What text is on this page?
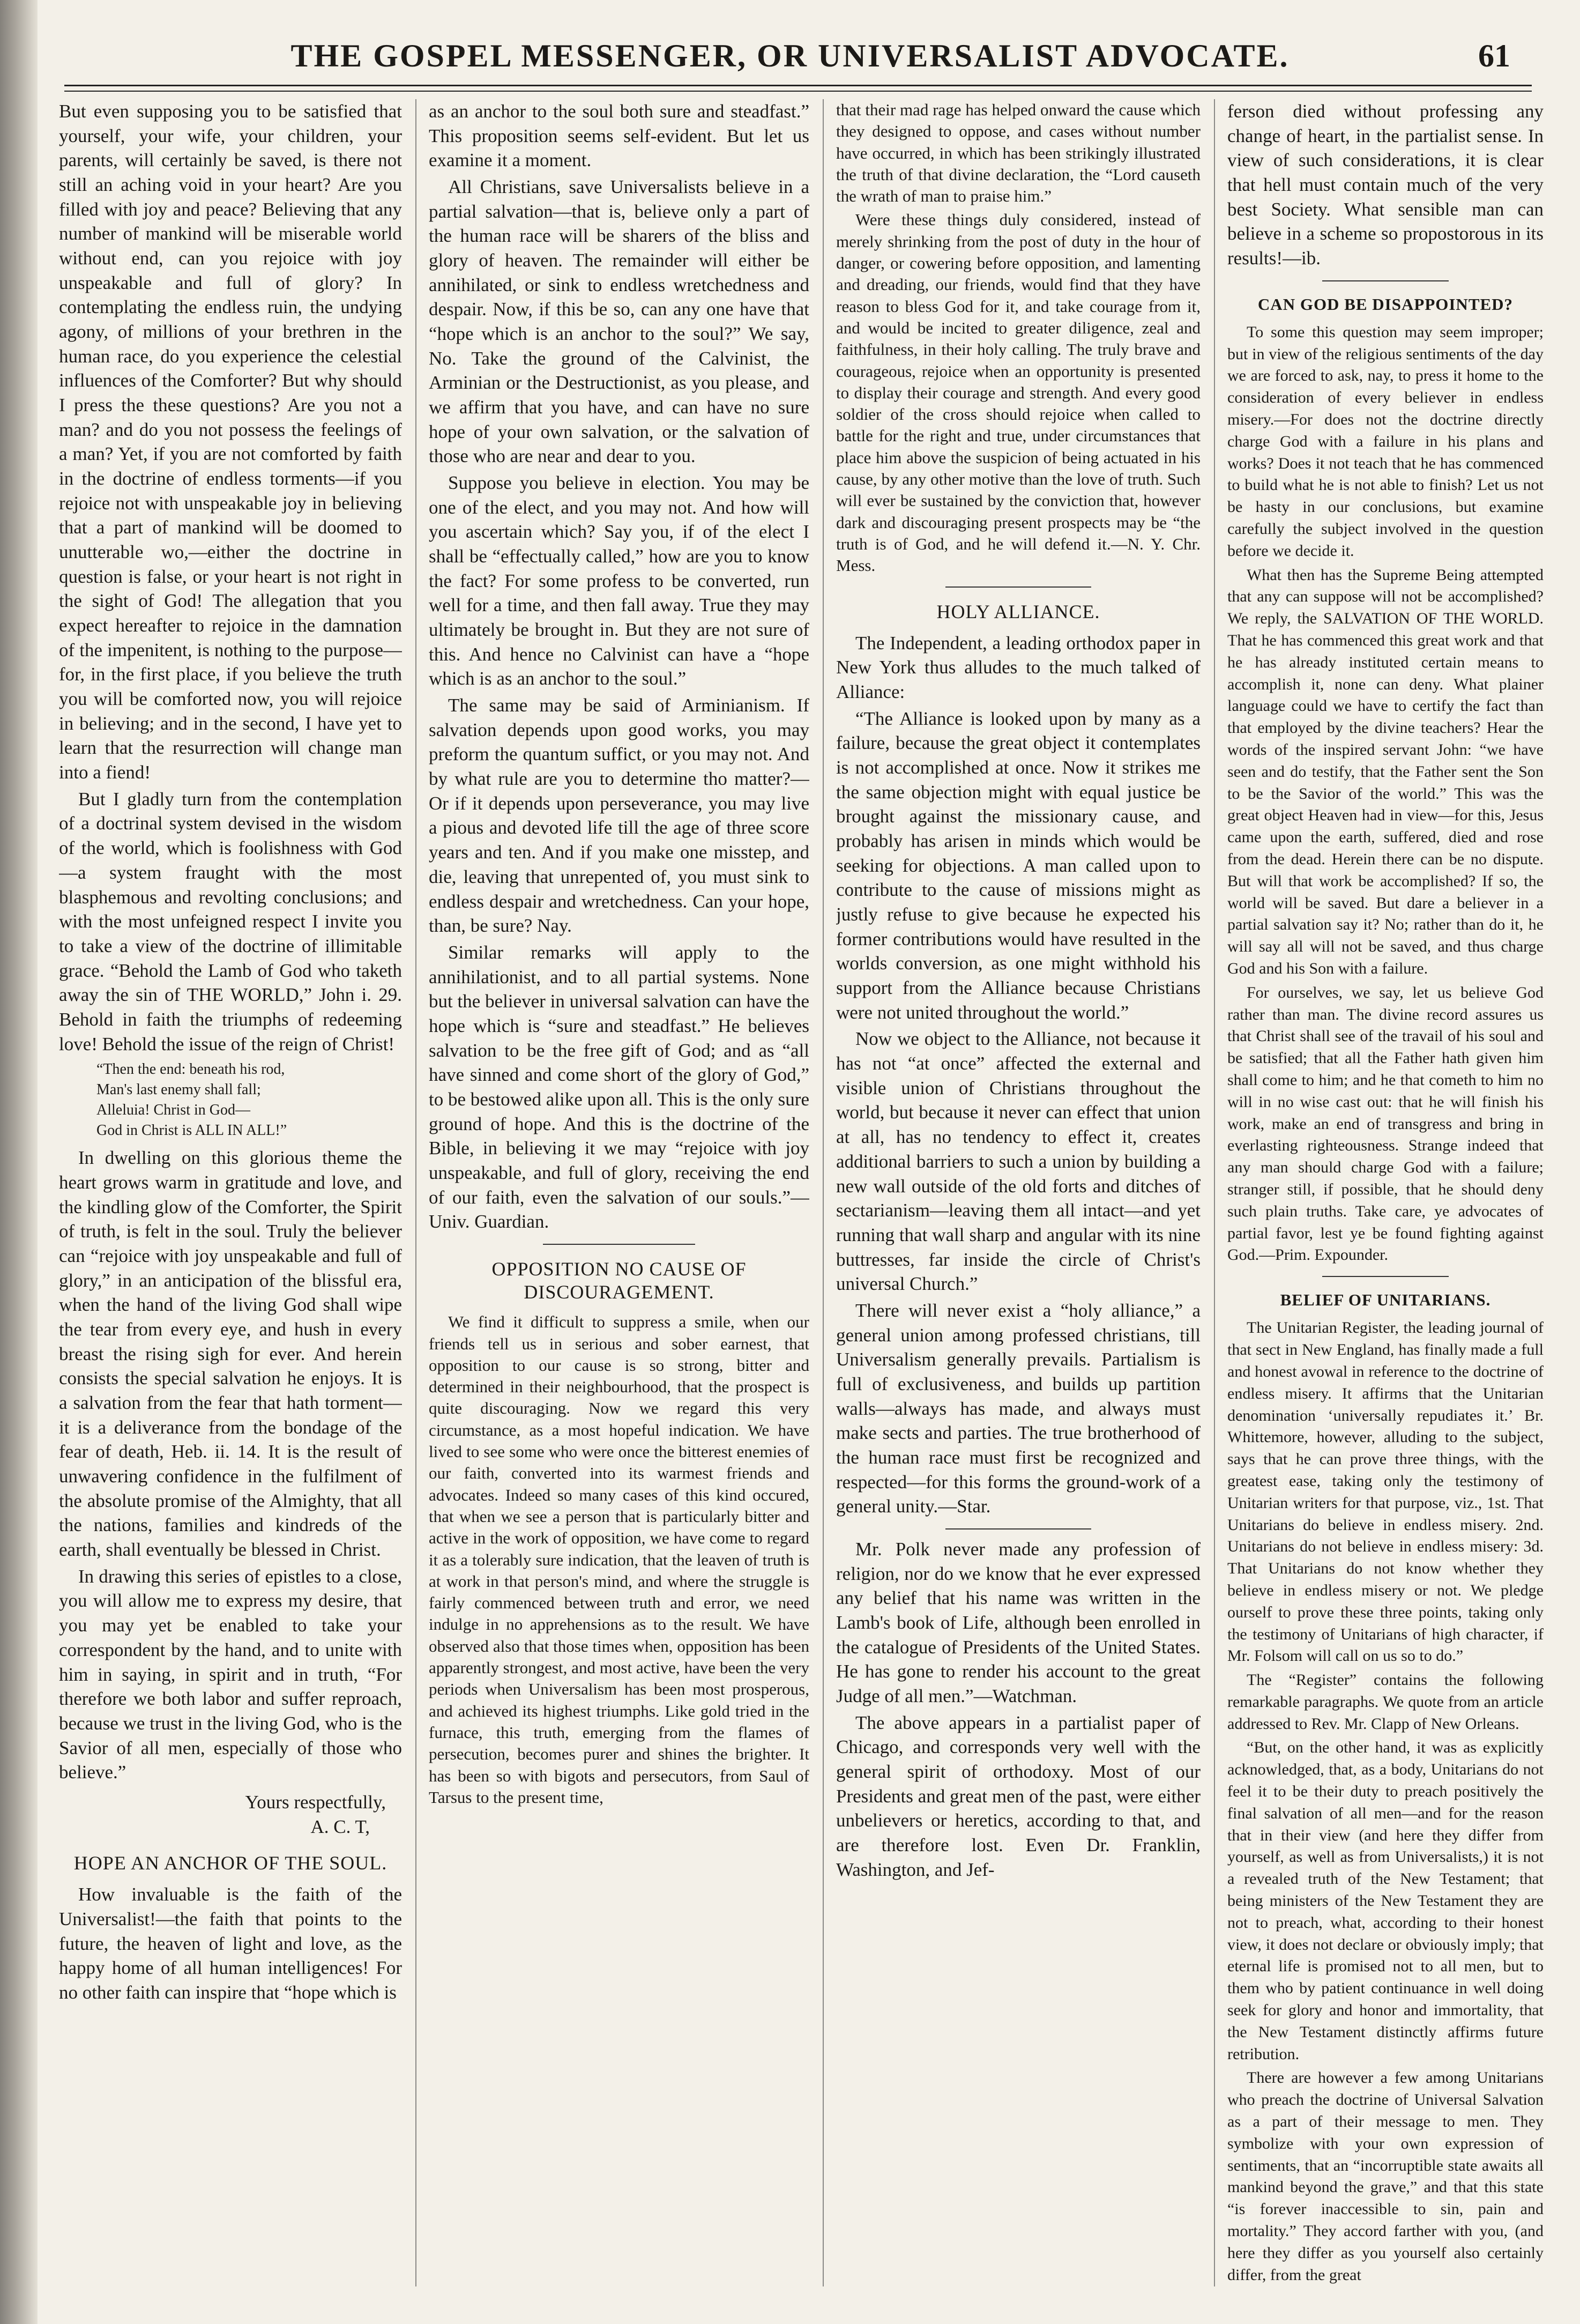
THE GOSPEL MESSENGER, OR UNIVERSALIST ADVOCATE.	61

But even supposing you to be satisfied that yourself, your wife, your children, your parents, will certainly be saved, is there not still an aching void in your heart? Are you filled with joy and peace? Believing that any number of mankind will be miserable world without end, can you rejoice with joy unspeakable and full of glory? In contemplating the endless ruin, the undying agony, of millions of your brethren in the human race, do you experience the celestial influences of the Comforter? But why should I press the these questions? Are you not a man? and do you not possess the feelings of a man? Yet, if you are not comforted by faith in the doctrine of endless torments—if you rejoice not with unspeakable joy in believing that a part of mankind will be doomed to unutterable wo,—either the doctrine in question is false, or your heart is not right in the sight of God! The allegation that you expect hereafter to rejoice in the damnation of the impenitent, is nothing to the purpose—for, in the first place, if you believe the truth you will be comforted now, you will rejoice in believing; and in the second, I have yet to learn that the resurrection will change man into a fiend!

But I gladly turn from the contemplation of a doctrinal system devised in the wisdom of the world, which is foolishness with God—a system fraught with the most blasphemous and revolting conclusions; and with the most unfeigned respect I invite you to take a view of the doctrine of illimitable grace. “Behold the Lamb of God who taketh away the sin of THE WORLD,” John i. 29. Behold in faith the triumphs of redeeming love! Behold the issue of the reign of Christ!

“Then the end: beneath his rod,
Man's last enemy shall fall;
Alleluia! Christ in God—
God in Christ is ALL IN ALL!”

In dwelling on this glorious theme the heart grows warm in gratitude and love, and the kindling glow of the Comforter, the Spirit of truth, is felt in the soul. Truly the believer can “rejoice with joy unspeakable and full of glory,” in an anticipation of the blissful era, when the hand of the living God shall wipe the tear from every eye, and hush in every breast the rising sigh for ever. And herein consists the special salvation he enjoys. It is a salvation from the fear that hath torment—it is a deliverance from the bondage of the fear of death, Heb. ii. 14. It is the result of unwavering confidence in the fulfilment of the absolute promise of the Almighty, that all the nations, families and kindreds of the earth, shall eventually be blessed in Christ.

In drawing this series of epistles to a close, you will allow me to express my desire, that you may yet be enabled to take your correspondent by the hand, and to unite with him in saying, in spirit and in truth, “For therefore we both labor and suffer reproach, because we trust in the living God, who is the Savior of all men, especially of those who believe.”

Yours respectfully,
A. C. T,
HOPE AN ANCHOR OF THE SOUL.

How invaluable is the faith of the Universalist!—the faith that points to the future, the heaven of light and love, as the happy home of all human intelligences! For no other faith can inspire that “hope which is

as an anchor to the soul both sure and steadfast.” This proposition seems self-evident. But let us examine it a moment.

All Christians, save Universalists believe in a partial salvation—that is, believe only a part of the human race will be sharers of the bliss and glory of heaven. The remainder will either be annihilated, or sink to endless wretchedness and despair. Now, if this be so, can any one have that “hope which is an anchor to the soul?” We say, No. Take the ground of the Calvinist, the Arminian or the Destructionist, as you please, and we affirm that you have, and can have no sure hope of your own salvation, or the salvation of those who are near and dear to you.

Suppose you believe in election. You may be one of the elect, and you may not. And how will you ascertain which? Say you, if of the elect I shall be “effectually called,” how are you to know the fact? For some profess to be converted, run well for a time, and then fall away. True they may ultimately be brought in. But they are not sure of this. And hence no Calvinist can have a “hope which is as an anchor to the soul.”

The same may be said of Arminianism. If salvation depends upon good works, you may preform the quantum suffict, or you may not. And by what rule are you to determine tho matter?—Or if it depends upon perseverance, you may live a pious and devoted life till the age of three score years and ten. And if you make one misstep, and die, leaving that unrepented of, you must sink to endless despair and wretchedness. Can your hope, than, be sure? Nay.

Similar remarks will apply to the annihilationist, and to all partial systems. None but the believer in universal salvation can have the hope which is “sure and steadfast.” He believes salvation to be the free gift of God; and as “all have sinned and come short of the glory of God,” to be bestowed alike upon all. This is the only sure ground of hope. And this is the doctrine of the Bible, in believing it we may “rejoice with joy unspeakable, and full of glory, receiving the end of our faith, even the salvation of our souls.”—Univ. Guardian.

OPPOSITION NO CAUSE OF DISCOURAGEMENT.

We find it difficult to suppress a smile, when our friends tell us in serious and sober earnest, that opposition to our cause is so strong, bitter and determined in their neighbourhood, that the prospect is quite discouraging. Now we regard this very circumstance, as a most hopeful indication. We have lived to see some who were once the bitterest enemies of our faith, converted into its warmest friends and advocates. Indeed so many cases of this kind occured, that when we see a person that is particularly bitter and active in the work of opposition, we have come to regard it as a tolerably sure indication, that the leaven of truth is at work in that person's mind, and where the struggle is fairly commenced between truth and error, we need indulge in no apprehensions as to the result. We have observed also that those times when, opposition has been apparently strongest, and most active, have been the very periods when Universalism has been most prosperous, and achieved its highest triumphs. Like gold tried in the furnace, this truth, emerging from the flames of persecution, becomes purer and shines the brighter. It has been so with bigots and persecutors, from Saul of Tarsus to the present time,

that their mad rage has helped onward the cause which they designed to oppose, and cases without number have occurred, in which has been strikingly illustrated the truth of that divine declaration, the “Lord causeth the wrath of man to praise him.”

Were these things duly considered, instead of merely shrinking from the post of duty in the hour of danger, or cowering before opposition, and lamenting and dreading, our friends, would find that they have reason to bless God for it, and take courage from it, and would be incited to greater diligence, zeal and faithfulness, in their holy calling. The truly brave and courageous, rejoice when an opportunity is presented to display their courage and strength. And every good soldier of the cross should rejoice when called to battle for the right and true, under circumstances that place him above the suspicion of being actuated in his cause, by any other motive than the love of truth. Such will ever be sustained by the conviction that, however dark and discouraging present prospects may be “the truth is of God, and he will defend it.—N. Y. Chr. Mess.

HOLY ALLIANCE.

The Independent, a leading orthodox paper in New York thus alludes to the much talked of Alliance:

“The Alliance is looked upon by many as a failure, because the great object it contemplates is not accomplished at once. Now it strikes me the same objection might with equal justice be brought against the missionary cause, and probably has arisen in minds which would be seeking for objections. A man called upon to contribute to the cause of missions might as justly refuse to give because he expected his former contributions would have resulted in the worlds conversion, as one might withhold his support from the Alliance because Christians were not united throughout the world.”

Now we object to the Alliance, not because it has not “at once” affected the external and visible union of Christians throughout the world, but because it never can effect that union at all, has no tendency to effect it, creates additional barriers to such a union by building a new wall outside of the old forts and ditches of sectarianism—leaving them all intact—and yet running that wall sharp and angular with its nine buttresses, far inside the circle of Christ's universal Church.”

There will never exist a “holy alliance,” a general union among professed christians, till Universalism generally prevails. Partialism is full of exclusiveness, and builds up partition walls—always has made, and always must make sects and parties. The true brotherhood of the human race must first be recognized and respected—for this forms the ground-work of a general unity.—Star.

Mr. Polk never made any profession of religion, nor do we know that he ever expressed any belief that his name was written in the Lamb's book of Life, although been enrolled in the catalogue of Presidents of the United States. He has gone to render his account to the great Judge of all men.”—Watchman.

The above appears in a partialist paper of Chicago, and corresponds very well with the general spirit of orthodoxy. Most of our Presidents and great men of the past, were either unbelievers or heretics, according to that, and are therefore lost. Even Dr. Franklin, Washington, and Jef-

ferson died without professing any change of heart, in the partialist sense. In view of such considerations, it is clear that hell must contain much of the very best Society. What sensible man can believe in a scheme so propostorous in its results!—ib.

CAN GOD BE DISAPPOINTED?

To some this question may seem improper; but in view of the religious sentiments of the day we are forced to ask, nay, to press it home to the consideration of every believer in endless misery.—For does not the doctrine directly charge God with a failure in his plans and works? Does it not teach that he has commenced to build what he is not able to finish? Let us not be hasty in our conclusions, but examine carefully the subject involved in the question before we decide it.

What then has the Supreme Being attempted that any can suppose will not be accomplished? We reply, the SALVATION OF THE WORLD. That he has commenced this great work and that he has already instituted certain means to accomplish it, none can deny. What plainer language could we have to certify the fact than that employed by the divine teachers? Hear the words of the inspired servant John: “we have seen and do testify, that the Father sent the Son to be the Savior of the world.” This was the great object Heaven had in view—for this, Jesus came upon the earth, suffered, died and rose from the dead. Herein there can be no dispute. But will that work be accomplished? If so, the world will be saved. But dare a believer in a partial salvation say it? No; rather than do it, he will say all will not be saved, and thus charge God and his Son with a failure.

For ourselves, we say, let us believe God rather than man. The divine record assures us that Christ shall see of the travail of his soul and be satisfied; that all the Father hath given him shall come to him; and he that cometh to him no will in no wise cast out: that he will finish his work, make an end of transgress and bring in everlasting righteousness. Strange indeed that any man should charge God with a failure; stranger still, if possible, that he should deny such plain truths. Take care, ye advocates of partial favor, lest ye be found fighting against God.—Prim. Expounder.

BELIEF OF UNITARIANS.

The Unitarian Register, the leading journal of that sect in New England, has finally made a full and honest avowal in reference to the doctrine of endless misery. It affirms that the Unitarian denomination ‘universally repudiates it.’ Br. Whittemore, however, alluding to the subject, says that he can prove three things, with the greatest ease, taking only the testimony of Unitarian writers for that purpose, viz., 1st. That Unitarians do believe in endless misery. 2nd. Unitarians do not believe in endless misery: 3d. That Unitarians do not know whether they believe in endless misery or not. We pledge ourself to prove these three points, taking only the testimony of Unitarians of high character, if Mr. Folsom will call on us so to do.”

The “Register” contains the following remarkable paragraphs. We quote from an article addressed to Rev. Mr. Clapp of New Orleans.

“But, on the other hand, it was as explicitly acknowledged, that, as a body, Unitarians do not feel it to be their duty to preach positively the final salvation of all men—and for the reason that in their view (and here they differ from yourself, as well as from Universalists,) it is not a revealed truth of the New Testament; that being ministers of the New Testament they are not to preach, what, according to their honest view, it does not declare or obviously imply; that eternal life is promised not to all men, but to them who by patient continuance in well doing seek for glory and honor and immortality, that the New Testament distinctly affirms future retribution.

There are however a few among Unitarians who preach the doctrine of Universal Salvation as a part of their message to men. They symbolize with your own expression of sentiments, that an “incorruptible state awaits all mankind beyond the grave,” and that this state “is forever inaccessible to sin, pain and mortality.” They accord farther with you, (and here they differ as you yourself also certainly differ, from the great
